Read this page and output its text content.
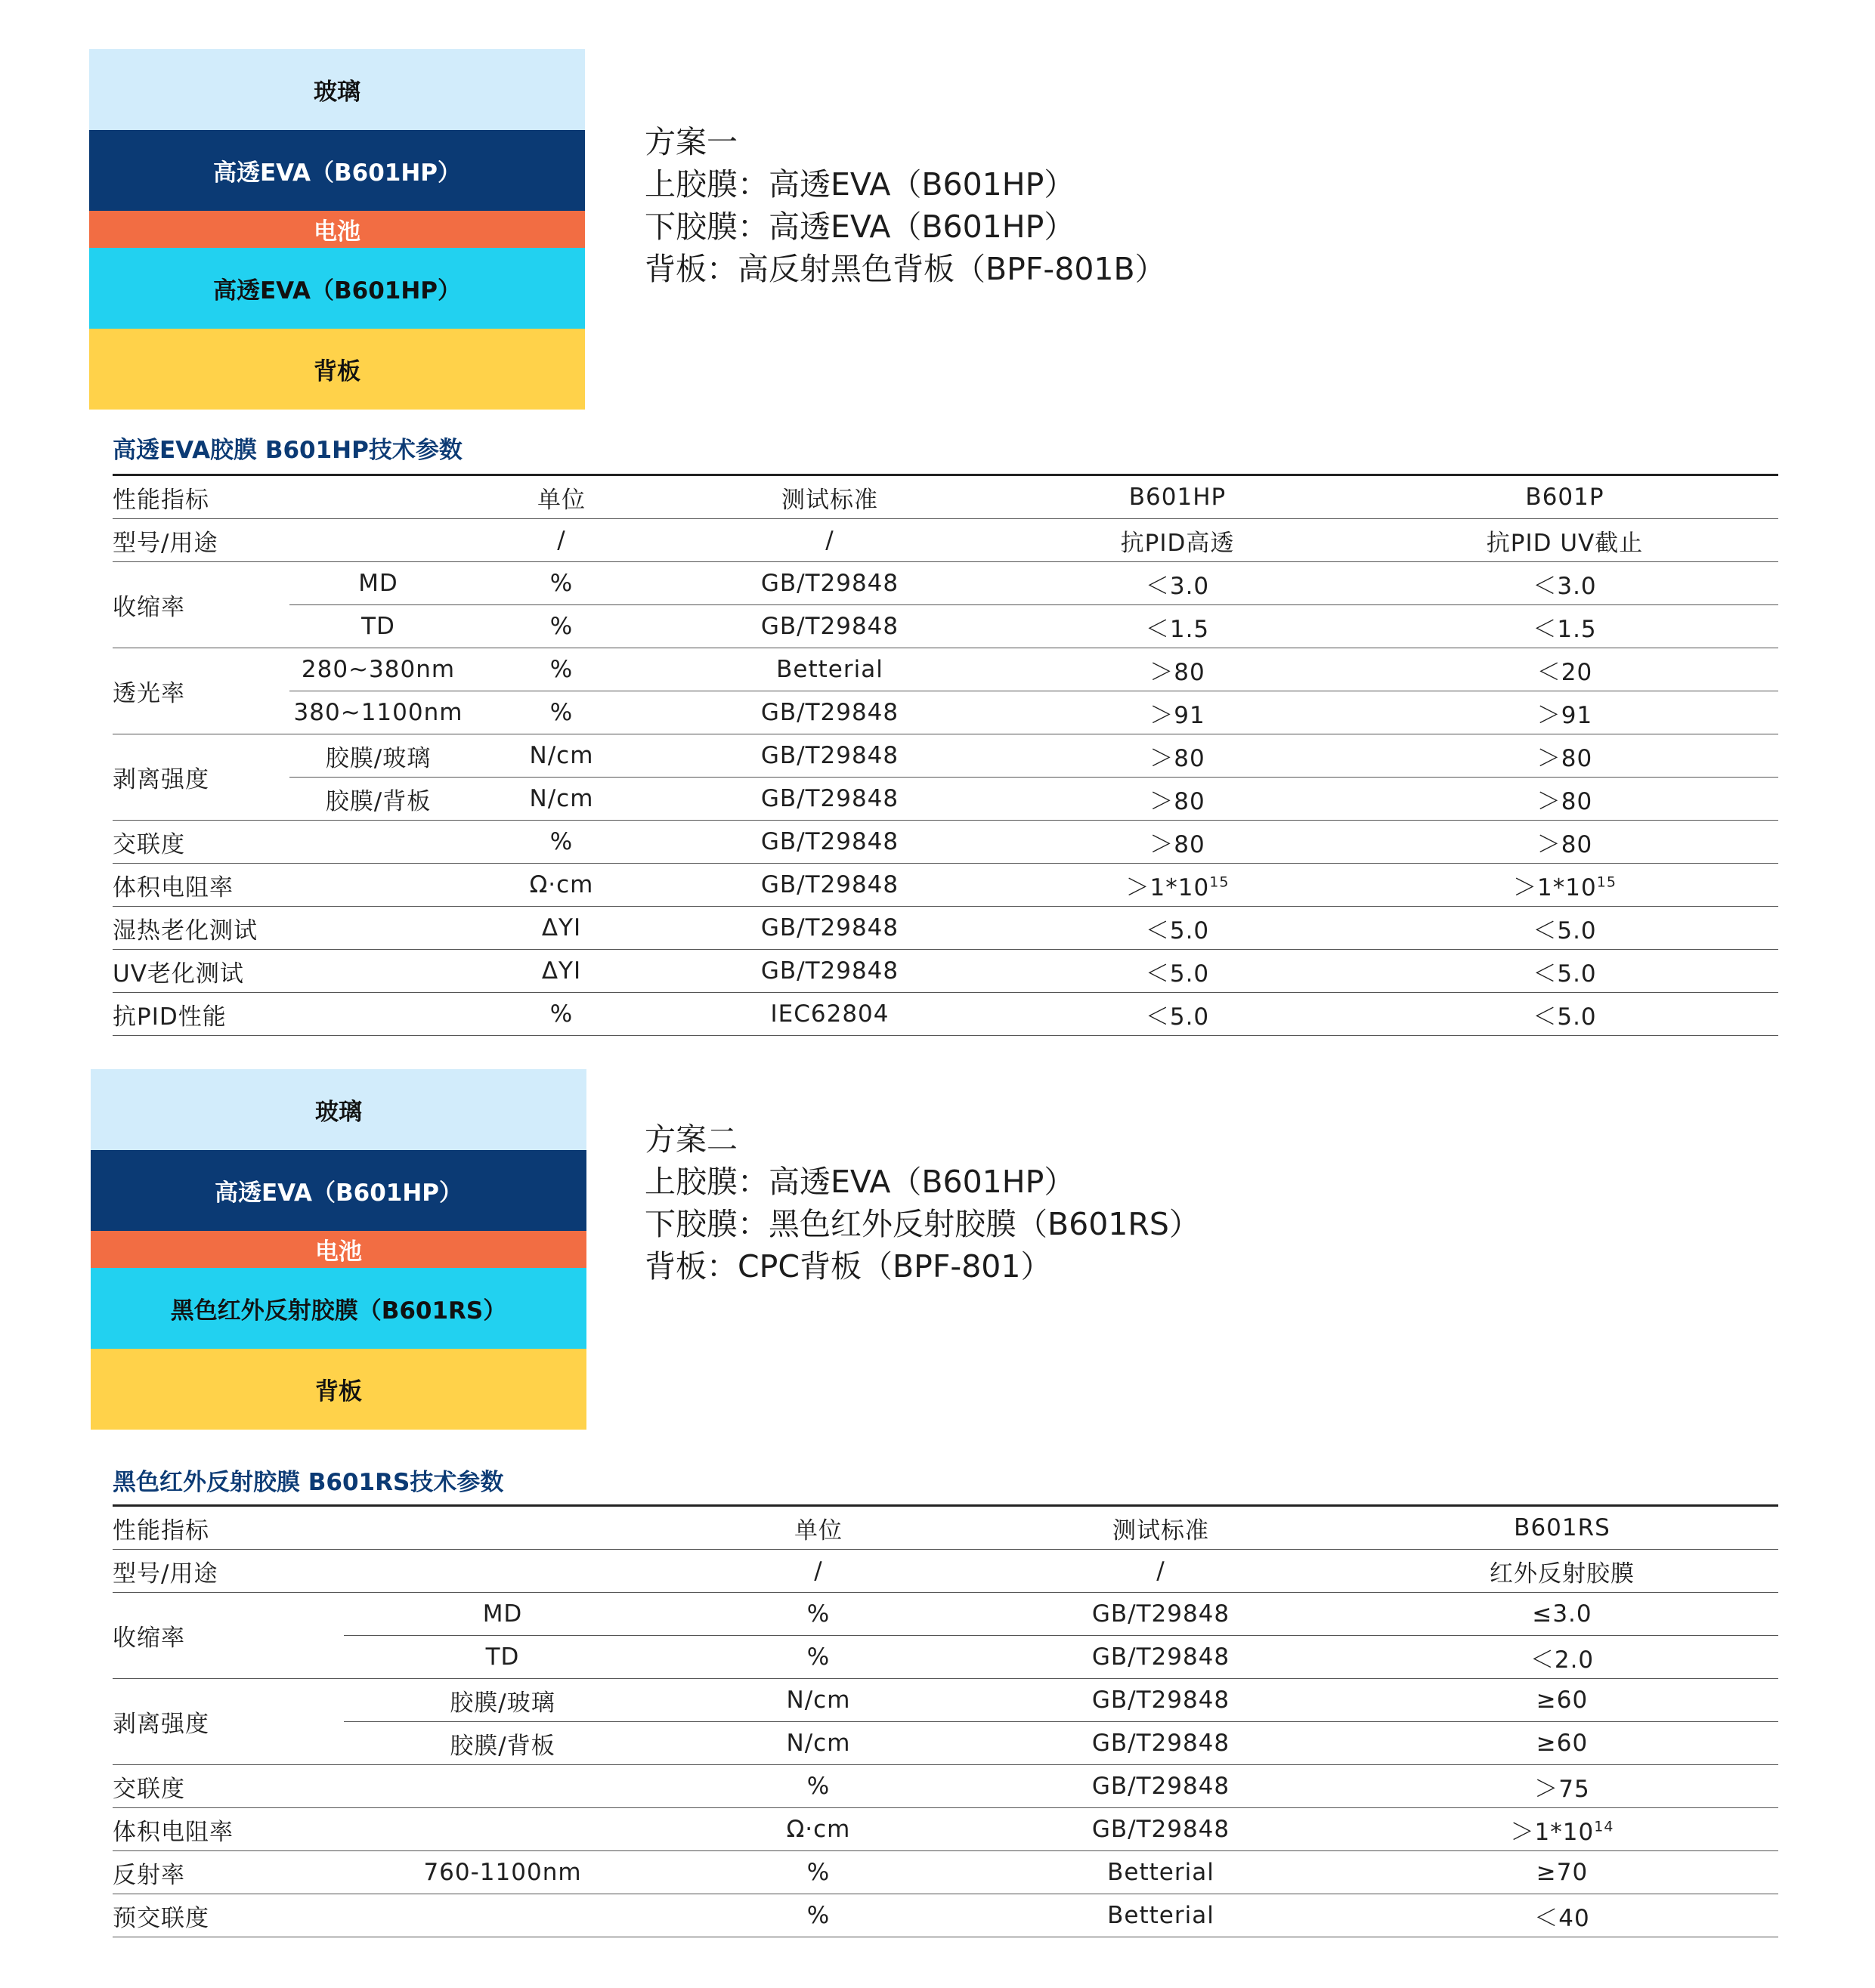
玻璃
高透EVA（B601HP）
电池
高透EVA（B601HP）
背板
方案一
上胶膜：高透EVA（B601HP）
下胶膜：高透EVA（B601HP）
背板：高反射黑色背板（BPF-801B）
高透EVA胶膜 B601HP技术参数
性能指标		单位	测试标准	B601HP	B601P
型号/用途		/	/	抗PID高透	抗PID UV截止
收缩率	MD	%	GB/T29848	＜3.0	＜3.0
	TD	%	GB/T29848	＜1.5	＜1.5
透光率	280~380nm	%	Betterial	＞80	＜20
	380~1100nm	%	GB/T29848	＞91	＞91
剥离强度	胶膜/玻璃	N/cm	GB/T29848	＞80	＞80
	胶膜/背板	N/cm	GB/T29848	＞80	＞80
交联度		%	GB/T29848	＞80	＞80
体积电阻率		Ω·cm	GB/T29848	$>1*10^{15}$	$>1*10^{15}$
湿热老化测试		ΔYI	GB/T29848	＜5.0	＜5.0
UV老化测试		ΔYI	GB/T29848	＜5.0	＜5.0
抗PID性能		%	IEC62804	＜5.0	＜5.0
玻璃
高透EVA（B601HP）
电池
黑色红外反射胶膜（B601RS）
背板
方案二
上胶膜：高透EVA（B601HP）
下胶膜：黑色红外反射胶膜（B601RS）
背板：CPC背板（BPF-801）
黑色红外反射胶膜 B601RS技术参数
性能指标		单位	测试标准	B601RS
型号/用途		/	/	红外反射胶膜
收缩率	MD	%	GB/T29848	≤3.0
	TD	%	GB/T29848	＜2.0
剥离强度	胶膜/玻璃	N/cm	GB/T29848	≥60
	胶膜/背板	N/cm	GB/T29848	≥60
交联度		%	GB/T29848	＞75
体积电阻率		Ω·cm	GB/T29848	$>1*10^{14}$
反射率	760-1100nm	%	Betterial	≥70
预交联度		%	Betterial	＜40
